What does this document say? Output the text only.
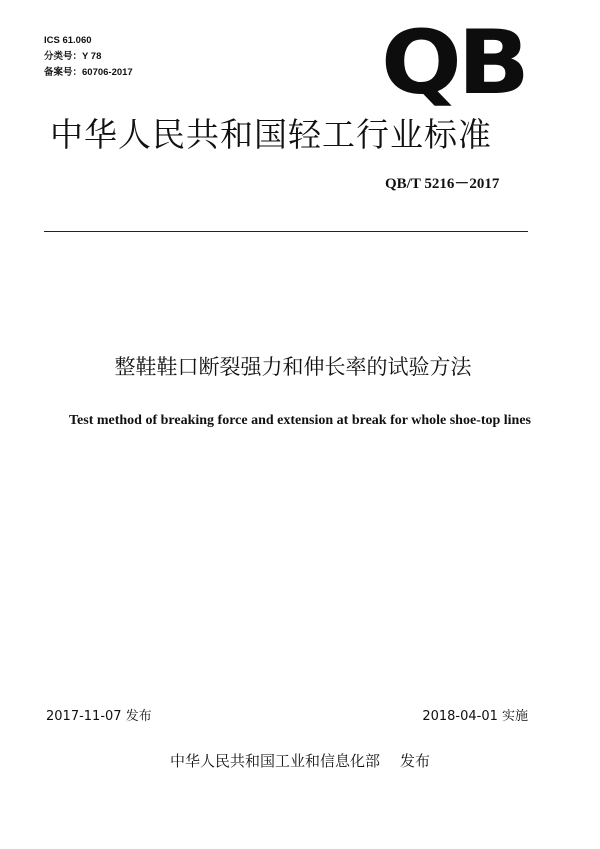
ICS 61.060
分类号：Y 78
备案号：60706-2017	QB
中华人民共和国轻工行业标准
QB/T 5216－2017
整鞋鞋口断裂强力和伸长率的试验方法
Test method of breaking force and extension at break for whole shoe-top lines
2017-11-07 发布	2018-04-01 实施
中华人民共和国工业和信息化部 发布
